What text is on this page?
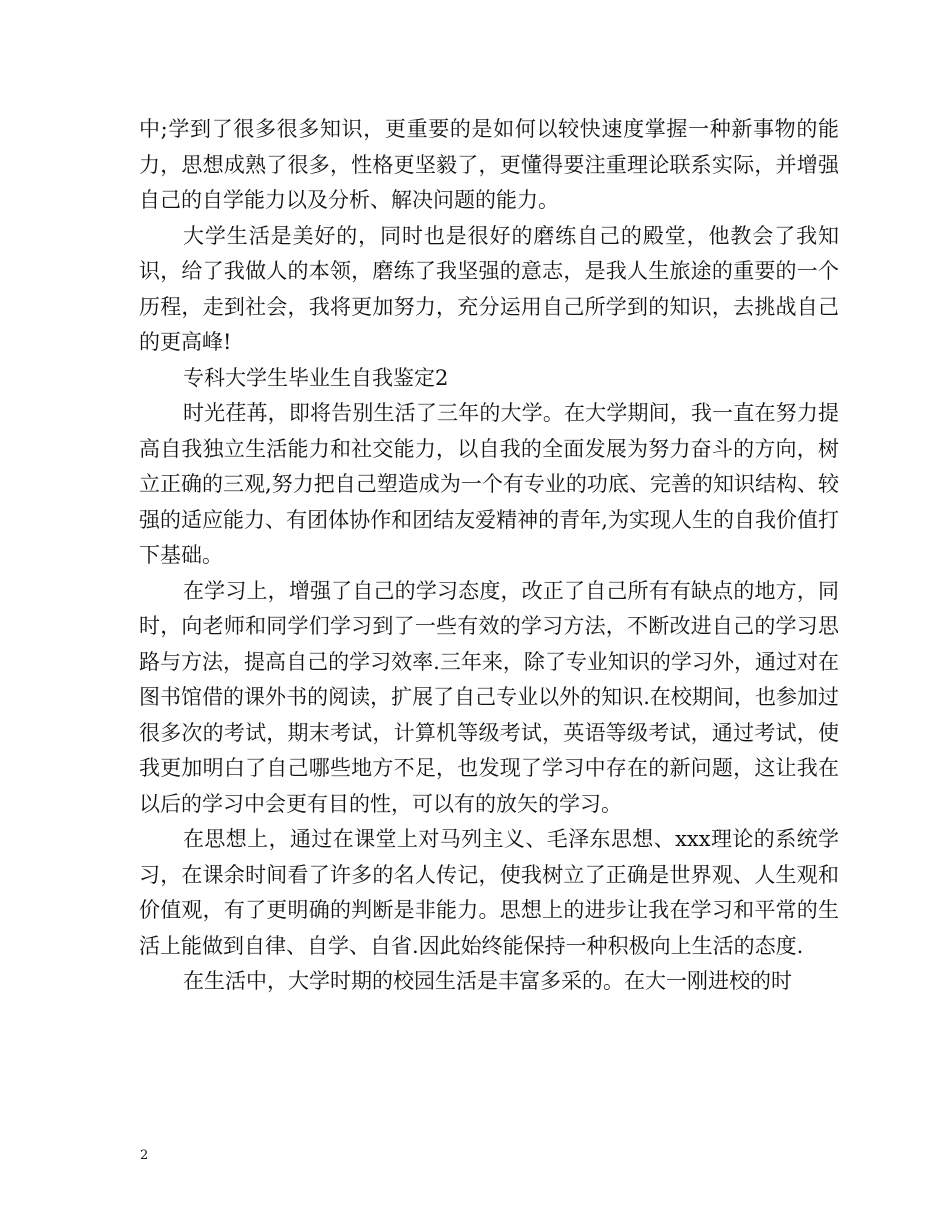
中;学到了很多很多知识，更重要的是如何以较快速度掌握一种新事物的能力，思想成熟了很多，性格更坚毅了，更懂得要注重理论联系实际，并增强自己的自学能力以及分析、解决问题的能力。

大学生活是美好的，同时也是很好的磨练自己的殿堂，他教会了我知识，给了我做人的本领，磨练了我坚强的意志，是我人生旅途的重要的一个历程，走到社会，我将更加努力，充分运用自己所学到的知识，去挑战自己的更高峰!

专科大学生毕业生自我鉴定2

时光荏苒，即将告别生活了三年的大学。在大学期间，我一直在努力提高自我独立生活能力和社交能力，以自我的全面发展为努力奋斗的方向，树立正确的三观,努力把自己塑造成为一个有专业的功底、完善的知识结构、较强的适应能力、有团体协作和团结友爱精神的青年,为实现人生的自我价值打下基础。

在学习上，增强了自己的学习态度，改正了自己所有有缺点的地方，同时，向老师和同学们学习到了一些有效的学习方法，不断改进自己的学习思路与方法，提高自己的学习效率.三年来，除了专业知识的学习外，通过对在图书馆借的课外书的阅读，扩展了自己专业以外的知识.在校期间，也参加过很多次的考试，期末考试，计算机等级考试，英语等级考试，通过考试，使我更加明白了自己哪些地方不足，也发现了学习中存在的新问题，这让我在以后的学习中会更有目的性，可以有的放矢的学习。

在思想上，通过在课堂上对马列主义、毛泽东思想、xxx理论的系统学习，在课余时间看了许多的名人传记，使我树立了正确是世界观、人生观和价值观，有了更明确的判断是非能力。思想上的进步让我在学习和平常的生活上能做到自律、自学、自省.因此始终能保持一种积极向上生活的态度.

在生活中，大学时期的校园生活是丰富多采的。在大一刚进校的时

2
